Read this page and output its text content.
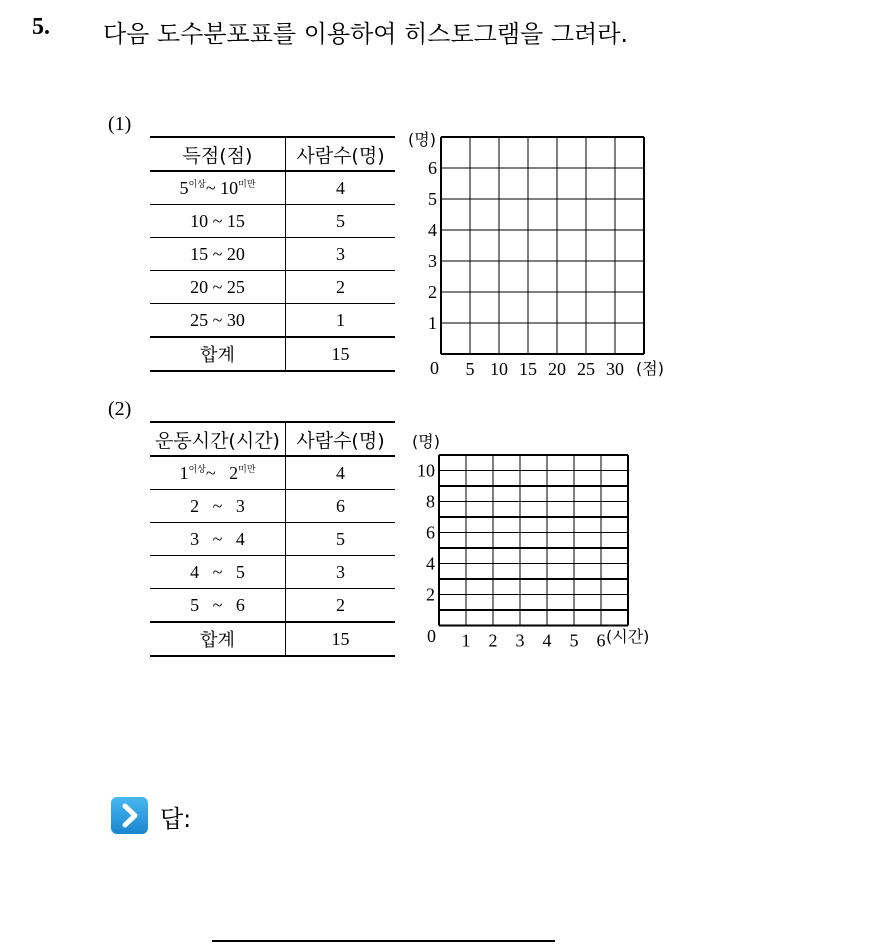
5. 다음 도수분포표를 이용하여 히스토그램을 그려라.
(1)
득점(점)	사람수(명)
$5^{이상}\sim$ $10^{미만}$	4
10 ~ 15	5
15 ~ 20	3
20 ~ 25	2
25 ~ 30	1
합계	15
(명)
0
1
2
3
4
5
6
5 10 15 20 25 30 (점)
(2)
운동시간(시간)	사람수(명)
$1^{이상}\sim$   $2^{미만}$	4
2   ~   3	6
3   ~   4	5
4   ~   5	3
5   ~   6	2
합계	15
(명)
0
2
4
6
8
10
1 2 3 4 5 6 (시간)
답:
